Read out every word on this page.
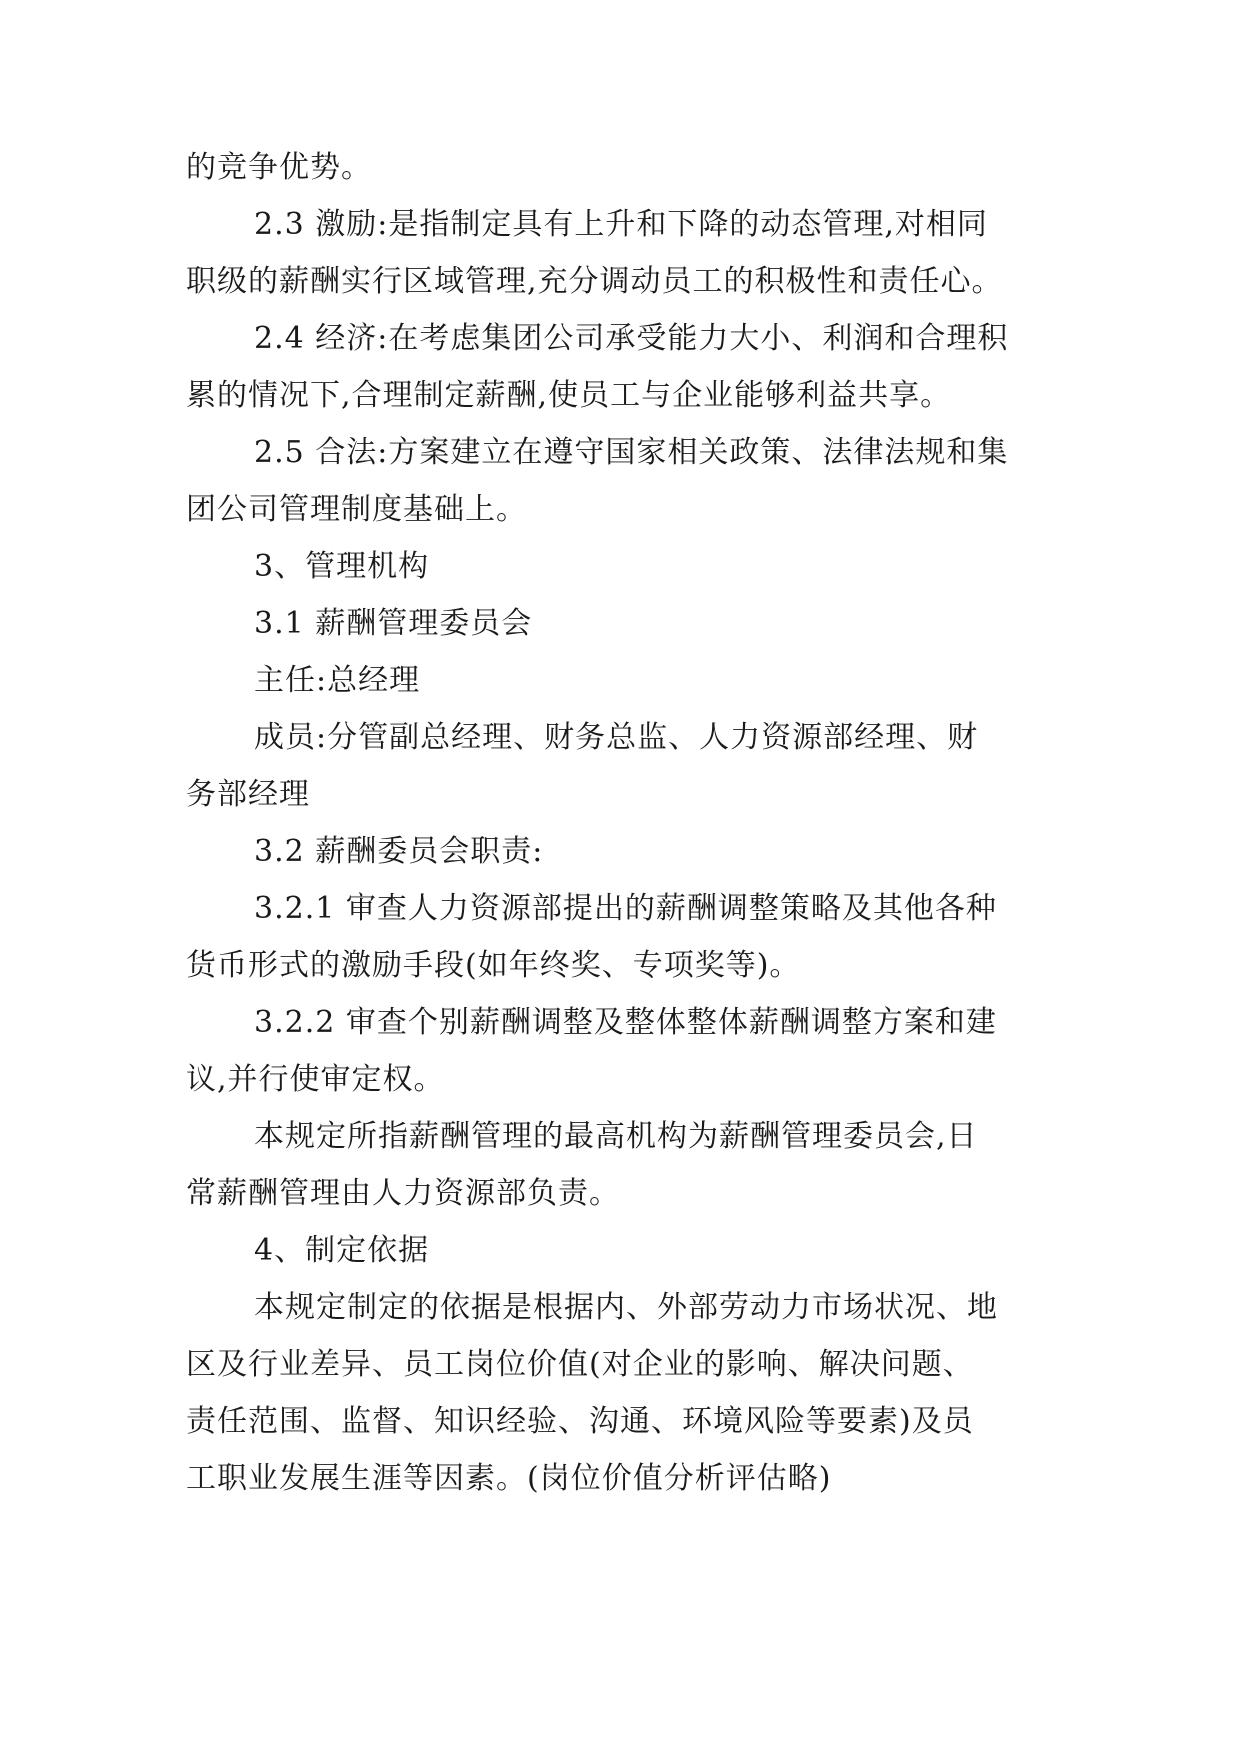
的竞争优势。
2.3 激励:是指制定具有上升和下降的动态管理,对相同
职级的薪酬实行区域管理,充分调动员工的积极性和责任心。
2.4 经济:在考虑集团公司承受能力大小、利润和合理积
累的情况下,合理制定薪酬,使员工与企业能够利益共享。
2.5 合法:方案建立在遵守国家相关政策、法律法规和集
团公司管理制度基础上。
3、管理机构
3.1 薪酬管理委员会
主任:总经理
成员:分管副总经理、财务总监、人力资源部经理、财
务部经理
3.2 薪酬委员会职责:
3.2.1 审查人力资源部提出的薪酬调整策略及其他各种
货币形式的激励手段(如年终奖、专项奖等)。
3.2.2 审查个别薪酬调整及整体整体薪酬调整方案和建
议,并行使审定权。
本规定所指薪酬管理的最高机构为薪酬管理委员会,日
常薪酬管理由人力资源部负责。
4、制定依据
本规定制定的依据是根据内、外部劳动力市场状况、地
区及行业差异、员工岗位价值(对企业的影响、解决问题、
责任范围、监督、知识经验、沟通、环境风险等要素)及员
工职业发展生涯等因素。(岗位价值分析评估略)
